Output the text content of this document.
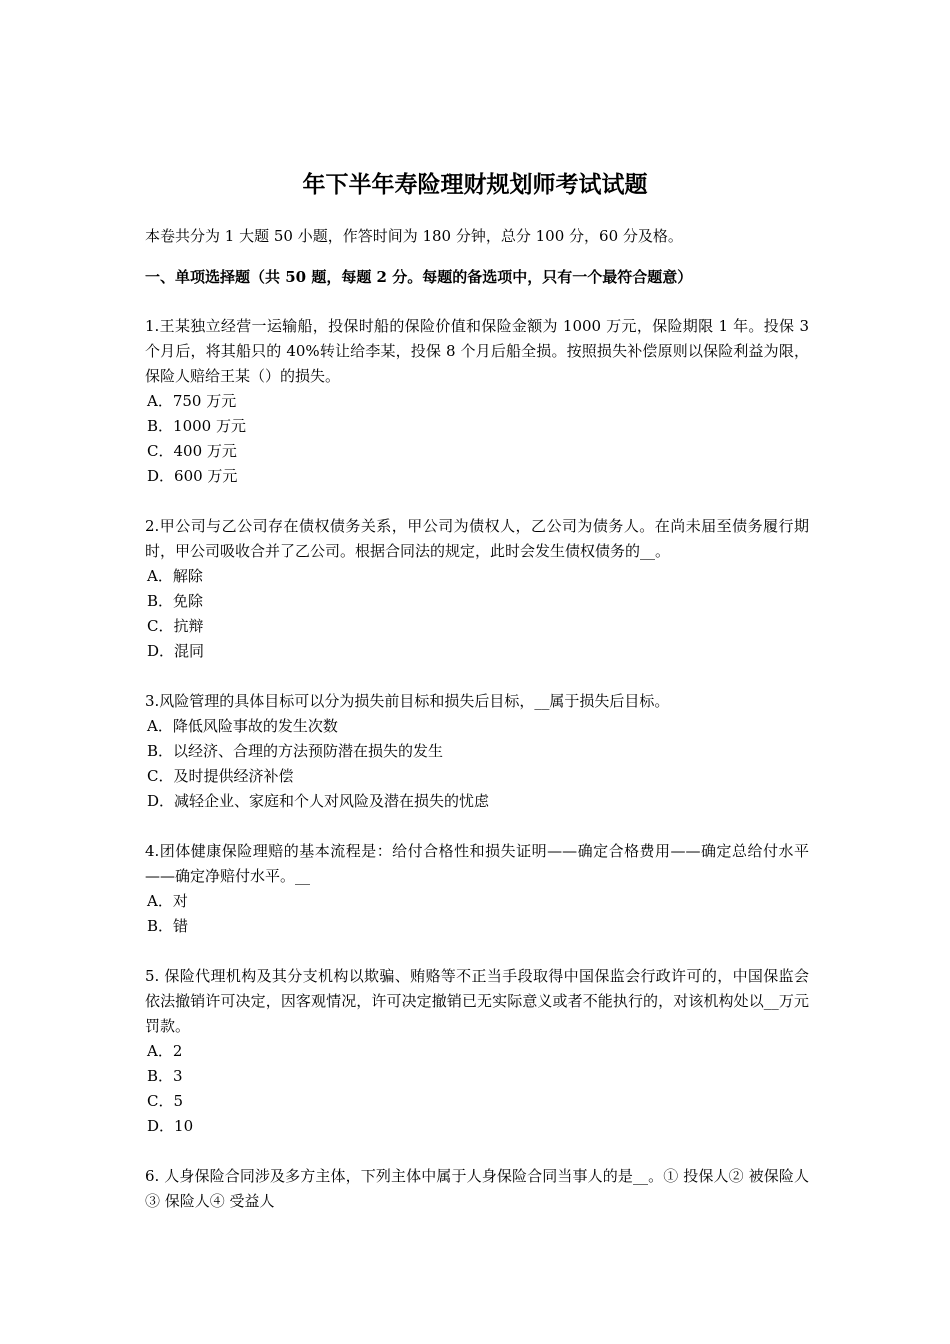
年下半年寿险理财规划师考试试题

本卷共分为 1 大题 50 小题，作答时间为 180 分钟，总分 100 分，60 分及格。

一、单项选择题（共 50 题，每题 2 分。每题的备选项中，只有一个最符合题意）

1.王某独立经营一运输船，投保时船的保险价值和保险金额为 1000 万元，保险期限 1 年。投保 3 个月后，将其船只的 40%转让给李某，投保 8 个月后船全损。按照损失补偿原则以保险利益为限，保险人赔给王某（）的损失。

A．750 万元
B．1000 万元
C．400 万元
D．600 万元

2.甲公司与乙公司存在债权债务关系，甲公司为债权人，乙公司为债务人。在尚未届至债务履行期时，甲公司吸收合并了乙公司。根据合同法的规定，此时会发生债权债务的__。

A．解除
B．免除
C．抗辩
D．混同

3.风险管理的具体目标可以分为损失前目标和损失后目标，__属于损失后目标。

A．降低风险事故的发生次数
B．以经济、合理的方法预防潜在损失的发生
C．及时提供经济补偿
D．减轻企业、家庭和个人对风险及潜在损失的忧虑

4.团体健康保险理赔的基本流程是：给付合格性和损失证明——确定合格费用——确定总给付水平——确定净赔付水平。__

A．对
B．错

5. 保险代理机构及其分支机构以欺骗、贿赂等不正当手段取得中国保监会行政许可的，中国保监会依法撤销许可决定，因客观情况，许可决定撤销已无实际意义或者不能执行的，对该机构处以__万元罚款。

A．2
B．3
C．5
D．10

6. 人身保险合同涉及多方主体，下列主体中属于人身保险合同当事人的是__。① 投保人② 被保险人③ 保险人④ 受益人
